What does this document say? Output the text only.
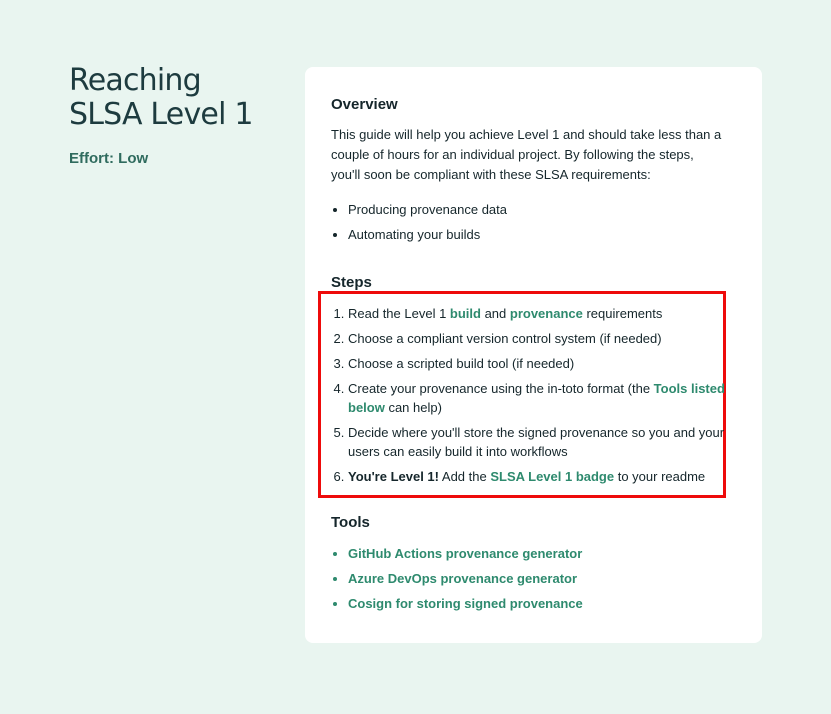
Reaching SLSA Level 1
Effort: Low
Overview

This guide will help you achieve Level 1 and should take less than a couple of hours for an individual project. By following the steps, you'll soon be compliant with these SLSA requirements:

• Producing provenance data
• Automating your builds
Steps
1. Read the Level 1 build and provenance requirements
2. Choose a compliant version control system (if needed)
3. Choose a scripted build tool (if needed)
4. Create your provenance using the in-toto format (the Tools listed below can help)
5. Decide where you'll store the signed provenance so you and your users can easily build it into workflows
6. You're Level 1! Add the SLSA Level 1 badge to your readme
Tools
• GitHub Actions provenance generator
• Azure DevOps provenance generator
• Cosign for storing signed provenance
